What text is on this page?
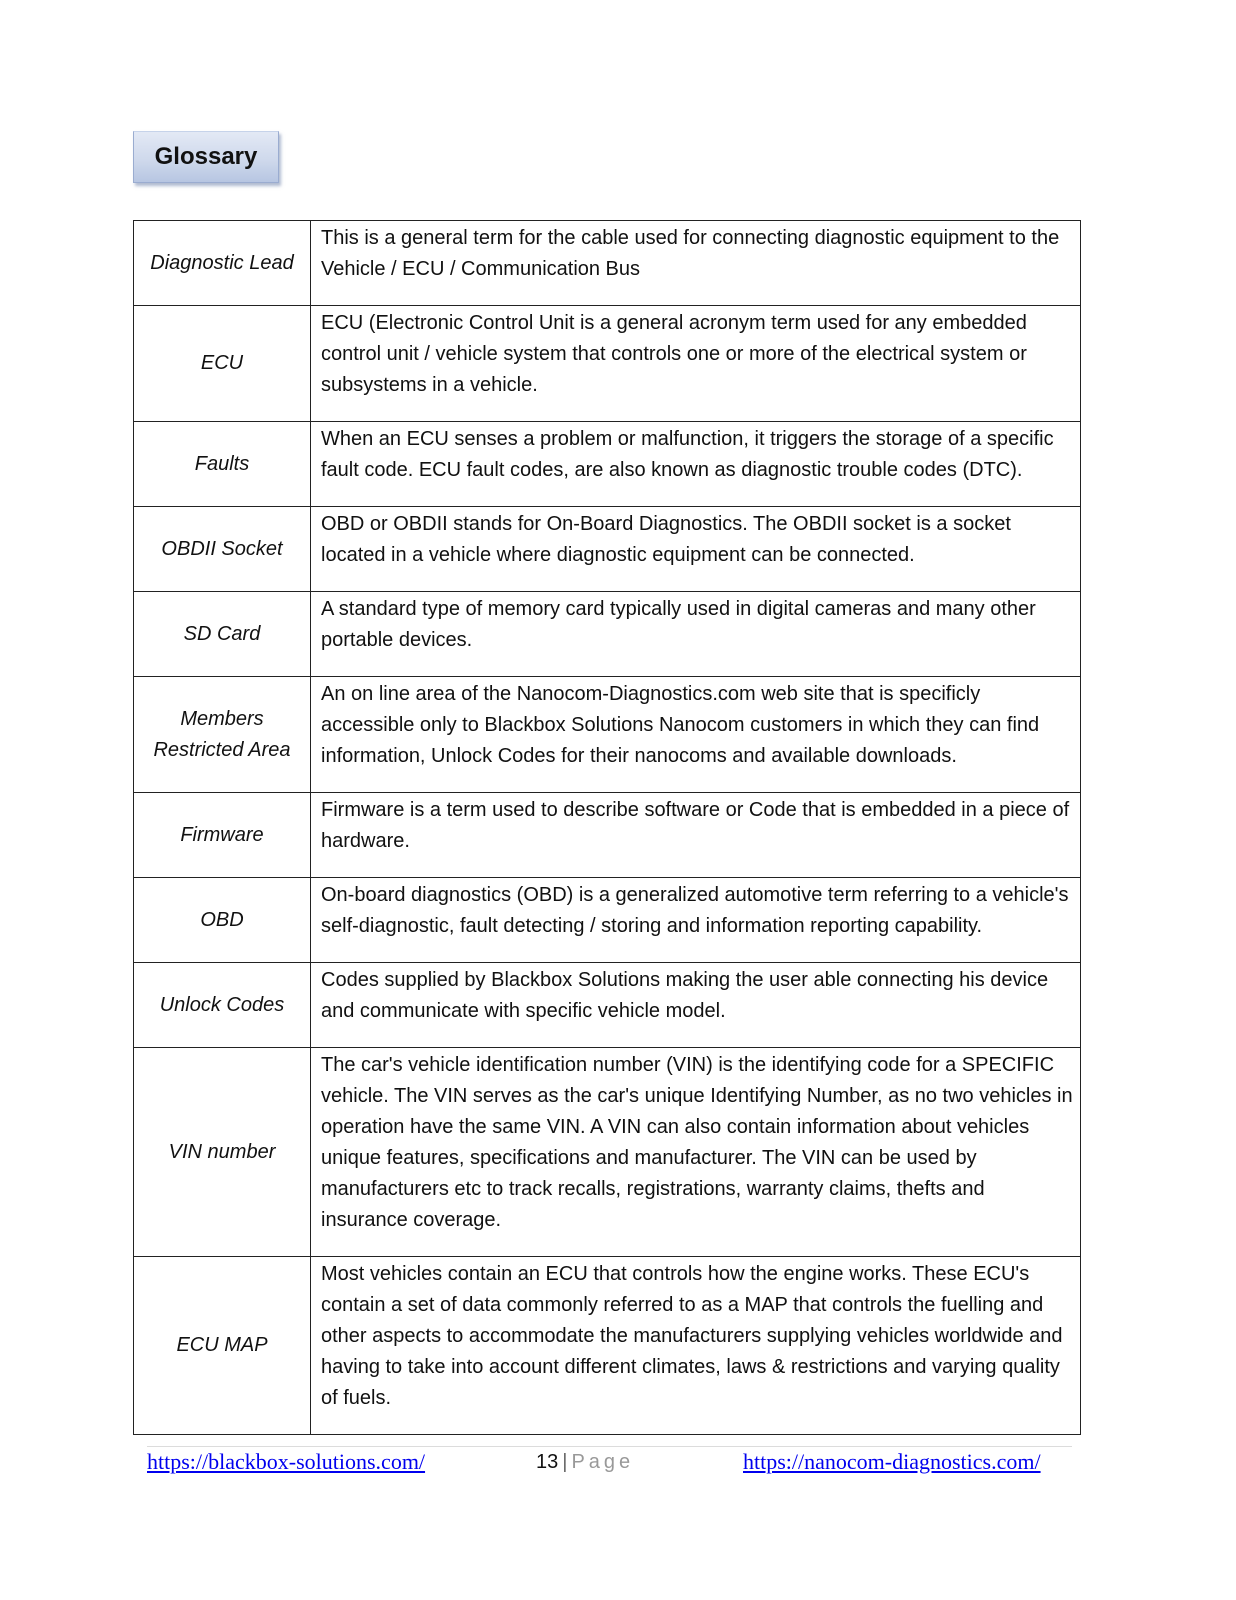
Glossary
Diagnostic Lead	This is a general term for the cable used for connecting diagnostic equipment to the Vehicle / ECU / Communication Bus
ECU	ECU (Electronic Control Unit is a general acronym term used for any embedded control unit / vehicle system that controls one or more of the electrical system or subsystems in a vehicle.
Faults	When an ECU senses a problem or malfunction, it triggers the storage of a specific fault code. ECU fault codes, are also known as diagnostic trouble codes (DTC).
OBDII Socket	OBD or OBDII stands for On-Board Diagnostics. The OBDII socket is a socket located in a vehicle where diagnostic equipment can be connected.
SD Card	A standard type of memory card typically used in digital cameras and many other portable devices.
Members Restricted Area	An on line area of the Nanocom-Diagnostics.com web site that is specificly accessible only to Blackbox Solutions Nanocom customers in which they can find information, Unlock Codes for their nanocoms and available downloads.
Firmware	Firmware is a term used to describe software or Code that is embedded in a piece of hardware.
OBD	On-board diagnostics (OBD) is a generalized automotive term referring to a vehicle's self-diagnostic, fault detecting / storing and information reporting capability.
Unlock Codes	Codes supplied by Blackbox Solutions making the user able connecting his device and communicate with specific vehicle model.
VIN number	The car's vehicle identification number (VIN) is the identifying code for a SPECIFIC vehicle. The VIN serves as the car's unique Identifying Number, as no two vehicles in operation have the same VIN. A VIN can also contain information about vehicles unique features, specifications and manufacturer. The VIN can be used by manufacturers etc to track recalls, registrations, warranty claims, thefts and insurance coverage.
ECU MAP	Most vehicles contain an ECU that controls how the engine works. These ECU's contain a set of data commonly referred to as a MAP that controls the fuelling and other aspects to accommodate the manufacturers supplying vehicles worldwide and having to take into account different climates, laws & restrictions and varying quality of fuels.
https://blackbox-solutions.com/	13 | Page	https://nanocom-diagnostics.com/
